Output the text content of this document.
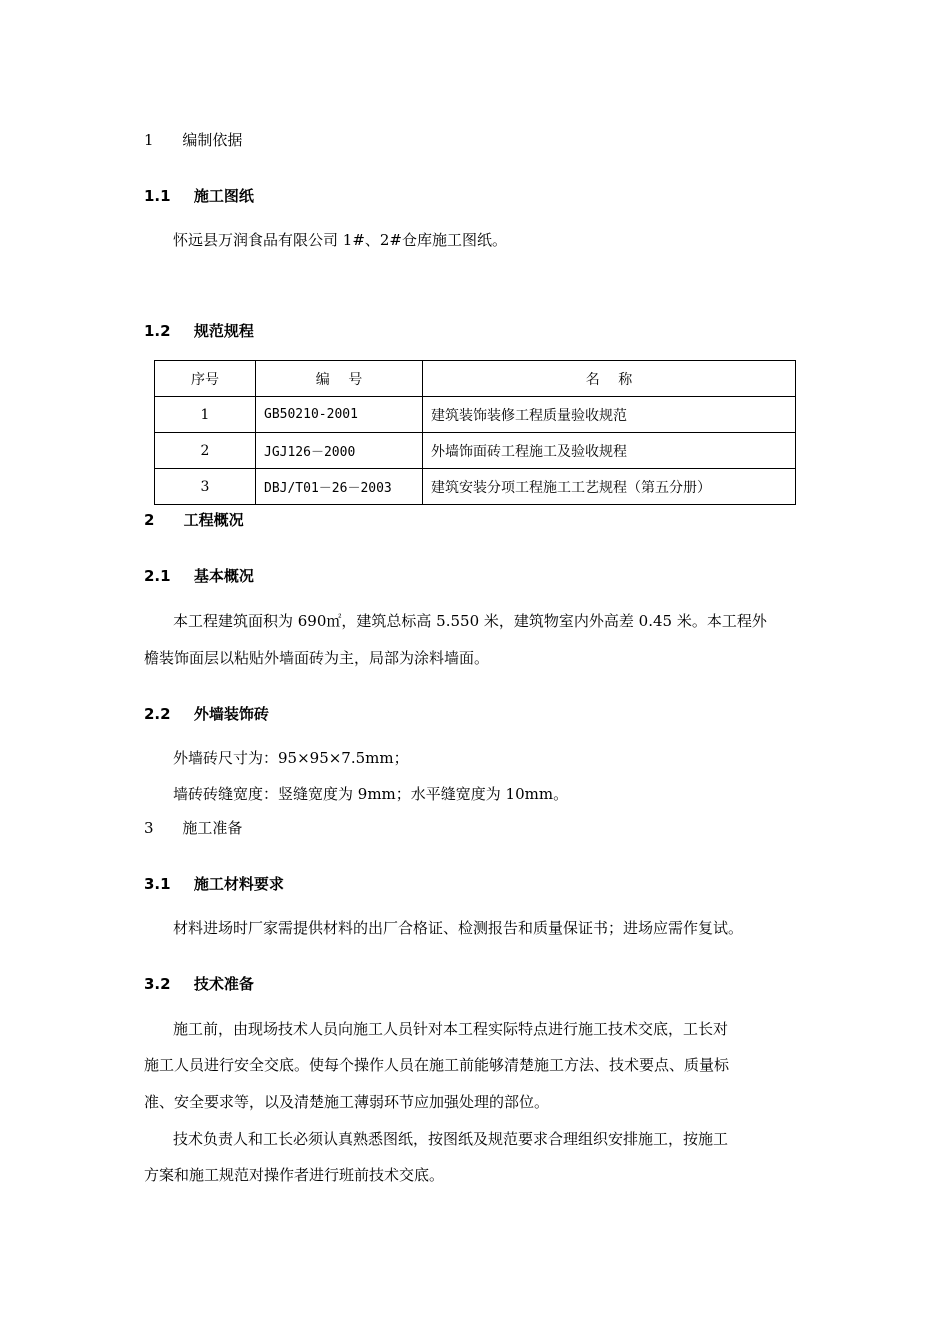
1 编制依据
1.1 施工图纸
怀远县万润食品有限公司 1#、2#仓库施工图纸。
1.2 规范规程
序号	编　 号	名　 称
1	GB50210-2001	建筑装饰装修工程质量验收规范
2	JGJ126－2000	外墙饰面砖工程施工及验收规程
3	DBJ/T01－26－2003	建筑安装分项工程施工工艺规程（第五分册）
2 工程概况
2.1 基本概况
本工程建筑面积为 690㎡，建筑总标高 5.550 米，建筑物室内外高差 0.45 米。本工程外
檐装饰面层以粘贴外墙面砖为主，局部为涂料墙面。
2.2 外墙装饰砖
外墙砖尺寸为：95×95×7.5mm；
墙砖砖缝宽度：竖缝宽度为 9mm；水平缝宽度为 10mm。
3 施工准备
3.1 施工材料要求
材料进场时厂家需提供材料的出厂合格证、检测报告和质量保证书；进场应需作复试。
3.2 技术准备
施工前，由现场技术人员向施工人员针对本工程实际特点进行施工技术交底，工长对
施工人员进行安全交底。使每个操作人员在施工前能够清楚施工方法、技术要点、质量标
准、安全要求等，以及清楚施工薄弱环节应加强处理的部位。
技术负责人和工长必须认真熟悉图纸，按图纸及规范要求合理组织安排施工，按施工
方案和施工规范对操作者进行班前技术交底。
